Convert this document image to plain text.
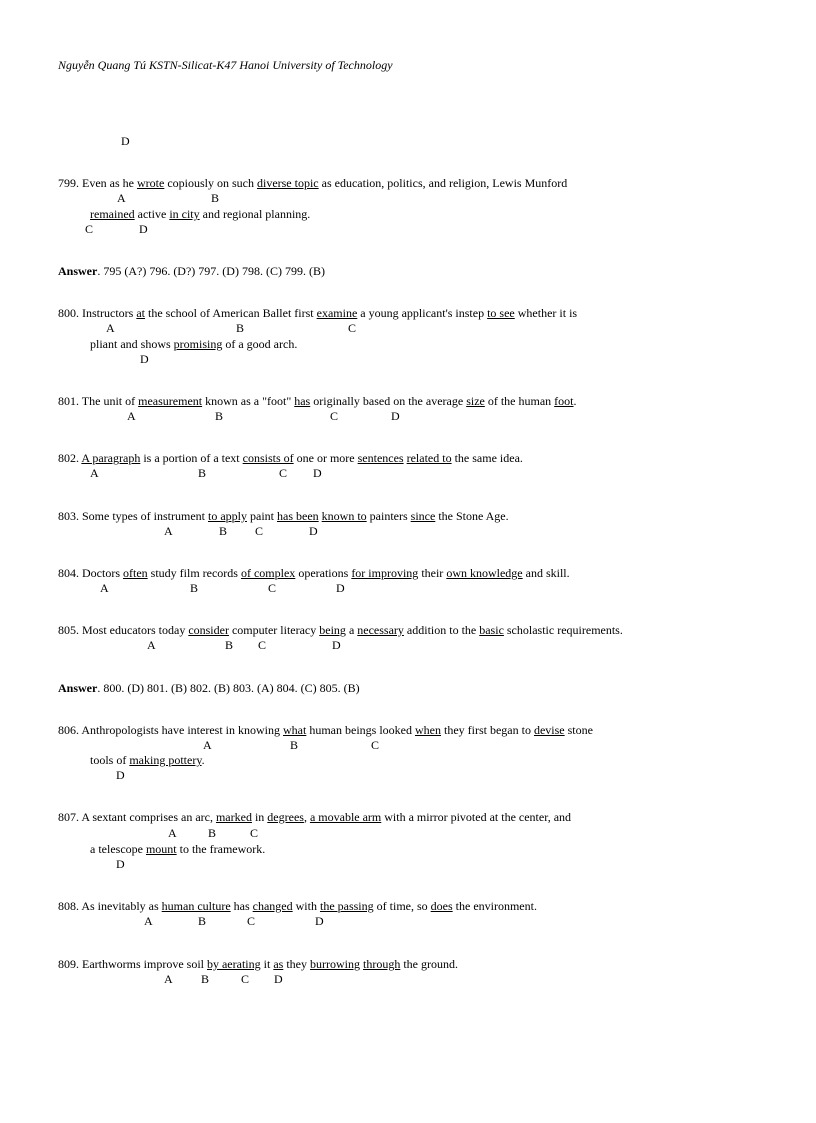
Nguyễn Quang Tú KSTN-Silicat-K47 Hanoi University of Technology
D
799. Even as he wrote copiously on such diverse topic as education, politics, and religion, Lewis Munford
A	B
remained active in city and regional planning.
C	D
Answer. 795 (A?) 796. (D?) 797. (D) 798. (C) 799. (B)
800. Instructors at the school of American Ballet first examine a young applicant's instep to see whether it is
A	B	C
pliant and shows promising of a good arch.
D
801. The unit of measurement known as a "foot" has originally based on the average size of the human foot.
A	B	C	D
802. A paragraph is a portion of a text consists of one or more sentences related to the same idea.
A	B	C D
803. Some types of instrument to apply paint has been known to painters since the Stone Age.
A	B C	D
804. Doctors often study film records of complex operations for improving their own knowledge and skill.
A	B	C	D
805. Most educators today consider computer literacy being a necessary addition to the basic scholastic requirements.
A	B C	D
Answer. 800. (D) 801. (B) 802. (B) 803. (A) 804. (C) 805. (B)
806. Anthropologists have interest in knowing what human beings looked when they first began to devise stone
A	B	C
tools of making pottery.
D
807. A sextant comprises an arc, marked in degrees, a movable arm with a mirror pivoted at the center, and
A	B	C
a telescope mount to the framework.
D
808. As inevitably as human culture has changed with the passing of time, so does the environment.
A	B	C	D
809. Earthworms improve soil by aerating it as they burrowing through the ground.
A B	C D
